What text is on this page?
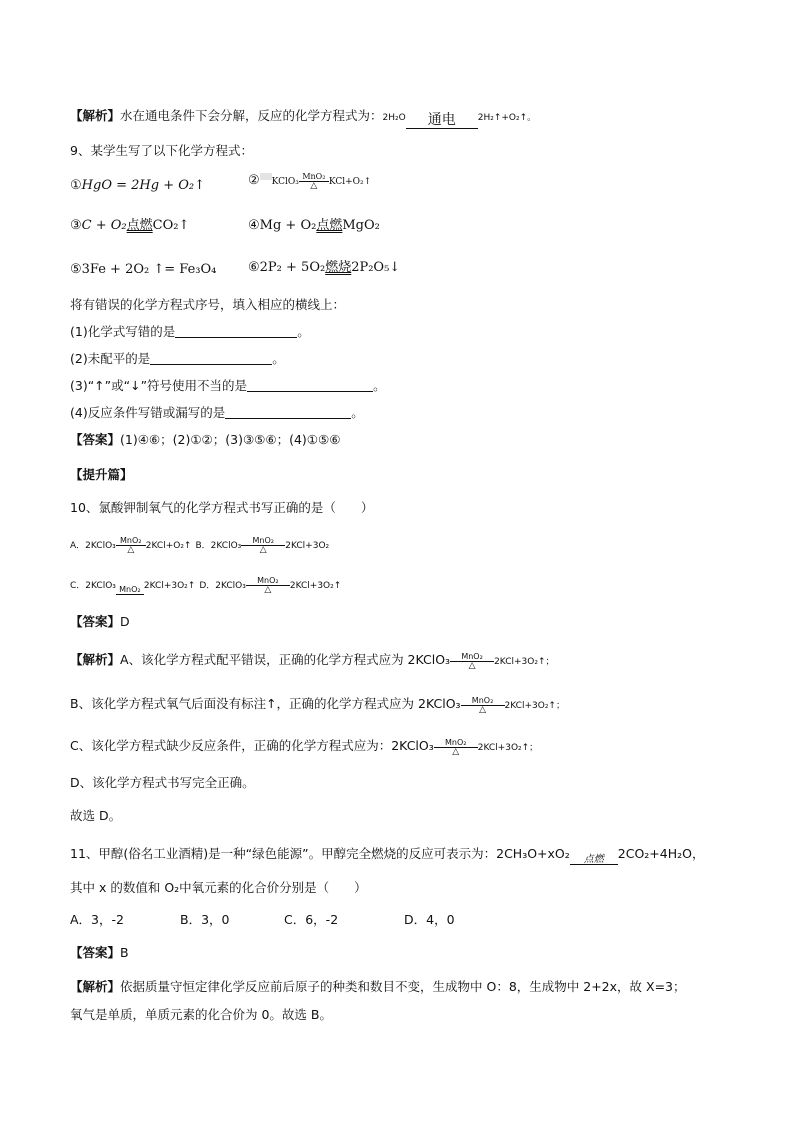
【解析】水在通电条件下会分解，反应的化学方程式为：2H₂O	通电	2H₂↑+O₂↑。
9、某学生写了以下化学方程式：
①HgO = 2Hg + O₂↑	② KClO₃
MnO₂
△	KCl+O₂↑
③C + O₂点燃CO₂↑	④Mg + O₂点燃MgO₂
⑤3Fe + 2O₂ ↑= Fe₃O₄ ⑥2P₂ + 5O₂燃烧2P₂O₅↓
将有错误的化学方程式序号，填入相应的横线上：
(1)化学式写错的是	。
(2)未配平的是	。
(3)“↑”或“↓”符号使用不当的是	。
(4)反应条件写错或漏写的是	。
【答案】(1)④⑥；(2)①②；(3)③⑤⑥；(4)①⑤⑥
【提升篇】
10、氯酸钾制氧气的化学方程式书写正确的是（　　）
A．2KClO₃
MnO₂
△	2KCl+O₂↑ B．2KClO₃
MnO₂
△	2KCl+3O₂
C．2KClO₃ MnO₂ 2KCl+3O₂↑ D．2KClO₃
MnO₂
△	2KCl+3O₂↑
【答案】D
【解析】A、该化学方程式配平错误，正确的化学方程式应为 2KClO₃	MnO₂
△	2KCl+3O₂↑；
B、该化学方程式氧气后面没有标注↑，正确的化学方程式应为 2KClO₃	MnO₂
△	2KCl+3O₂↑；
C、该化学方程式缺少反应条件，正确的化学方程式应为：2KClO₃	MnO₂
△	2KCl+3O₂↑；
D、该化学方程式书写完全正确。
故选 D。
11、甲醇(俗名工业酒精)是一种“绿色能源”。甲醇完全燃烧的反应可表示为：2CH₃O+xO₂	点燃	2CO₂+4H₂O，
其中 x 的数值和 O₂中氧元素的化合价分别是（　　）
A．3，-2	B．3，0	C．6，-2	D．4，0
【答案】B
【解析】依据质量守恒定律化学反应前后原子的种类和数目不变，生成物中 O：8，生成物中 2+2x，故 X=3；
氧气是单质，单质元素的化合价为 0。故选 B。
